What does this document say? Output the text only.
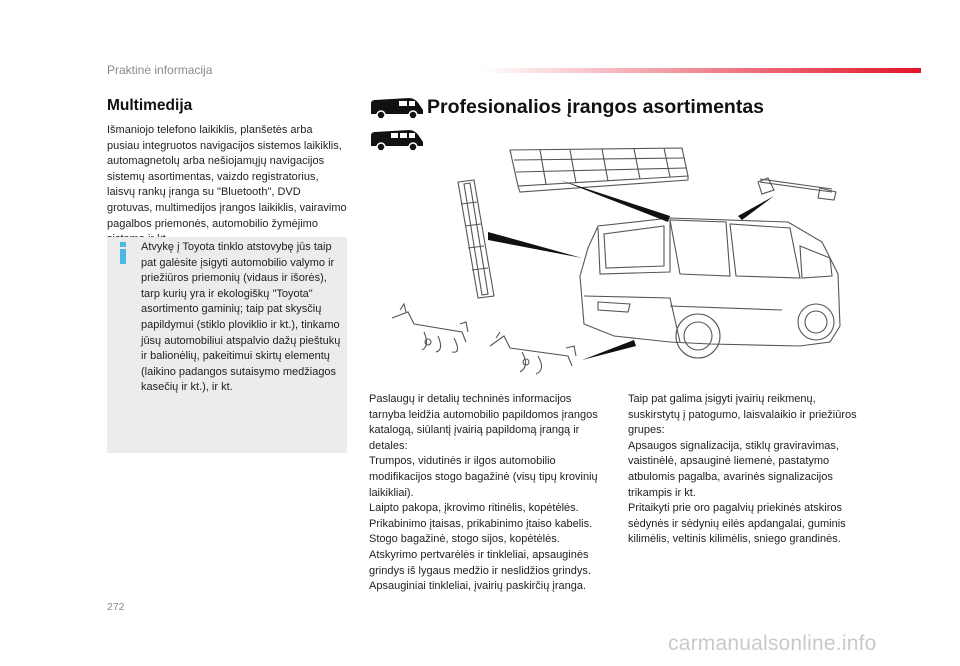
Praktinė informacija
Multimedija

Išmaniojo telefono laikiklis, planšetės arba pusiau integruotos navigacijos sistemos laikiklis, automagnetolų arba nešiojamųjų navigacijos sistemų asortimentas, vaizdo registratorius, laisvų rankų įranga su "Bluetooth", DVD grotuvas, multimedijos įrangos laikiklis, vairavimo pagalbos priemonės, automobilio žymėjimo

Atvykę į Toyota tinklo atstovybę jūs taip pat galėsite įsigyti automobilio valymo ir priežiūros priemonių (vidaus ir išorės), tarp kurių yra ir ekologiškų "Toyota" asortimento gaminių; taip pat skysčių papildymui (stiklo ploviklio ir kt.), tinkamo jūsų automobiliui atspalvio dažų pieštukų ir balionėlių, pakeitimui skirtų elementų (laikino padangos sutaisymo medžiagos kasečių ir kt.), ir kt.

Profesionalios įrangos asortimentas

Paslaugų ir detalių techninės informacijos tarnyba leidžia automobilio papildomos įrangos katalogą, siūlantį įvairią papildomą įrangą ir detales:

Trumpos, vidutinės ir ilgos automobilio modifikacijos stogo bagažinė (visų tipų krovinių laikikliai).

Laipto pakopa, įkrovimo ritinėlis, kopėtėlės.

Prikabinimo įtaisas, prikabinimo įtaiso kabelis.

Stogo bagažinė, stogo sijos, kopėtėlės.

Atskyrimo pertvarėlės ir tinkleliai, apsauginės grindys iš lygaus medžio ir neslidžios grindys.

Apsauginiai tinkleliai, įvairių paskirčių įranga.

Taip pat galima įsigyti įvairių reikmenų, suskirstytų į patogumo, laisvalaikio ir priežiūros grupes:

Apsaugos signalizacija, stiklų graviravimas, vaistinėlė, apsauginė liemenė, pastatymo atbulomis pagalba, avarinės signalizacijos trikampis ir kt.

Pritaikyti prie oro pagalvių priekinės atskiros sėdynės ir sėdynių eilės apdangalai, guminis kilimėlis, veltinis kilimėlis, sniego grandinės.

272
carmanualsonline.info
